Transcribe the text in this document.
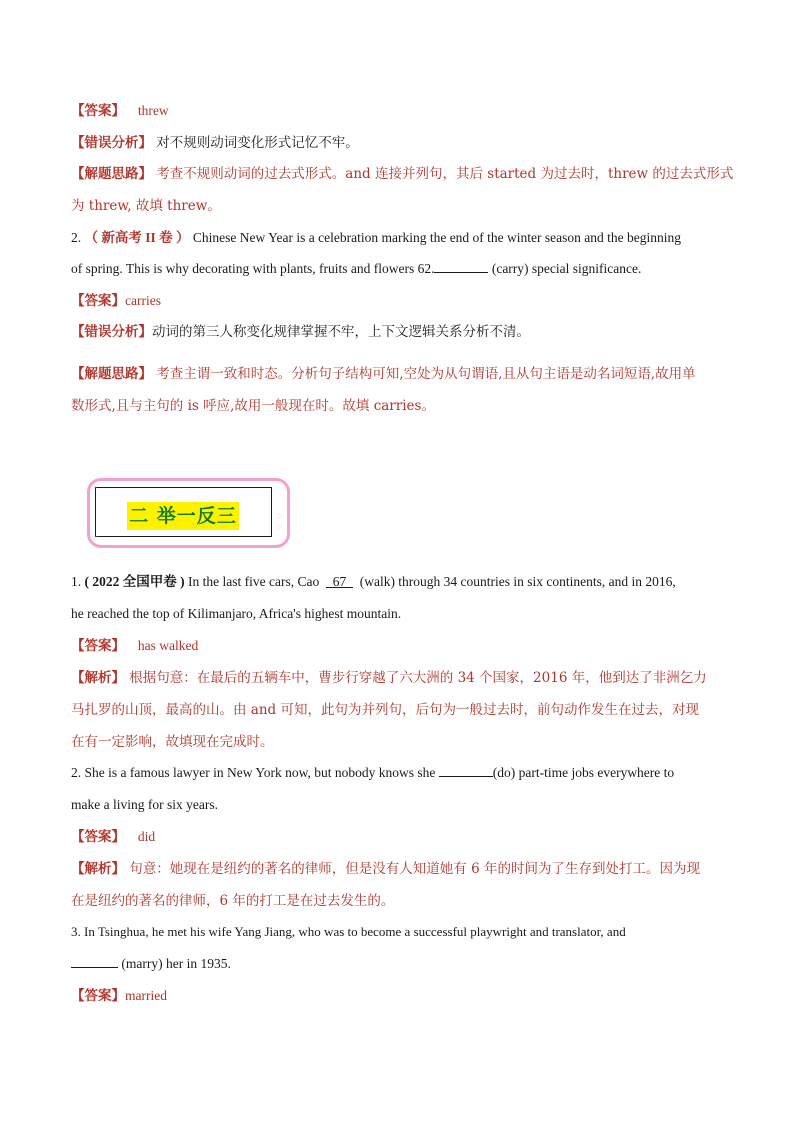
【答案】 threw
【错误分析】 对不规则动词变化形式记忆不牢。
【解题思路】 考查不规则动词的过去式形式。and 连接并列句，其后 started 为过去时，threw 的过去式形式
为 threw, 故填 threw。
2. （ 新高考 II 卷 ） Chinese New Year is a celebration marking the end of the winter season and the beginning
of spring. This is why decorating with plants, fruits and flowers 62.	(carry) special significance.
【答案】carries
【错误分析】动词的第三人称变化规律掌握不牢，上下文逻辑关系分析不清。
【解题思路】 考查主谓一致和时态。分析句子结构可知,空处为从句谓语,且从句主语是动名词短语,故用单
数形式,且与主句的 is 呼应,故用一般现在时。故填 carries。
二 举一反三
♡
♡
♡
♡
1. ( 2022 全国甲卷 ) In the last five cars, Cao 67 (walk) through 34 countries in six continents, and in 2016,
he reached the top of Kilimanjaro, Africa's highest mountain.
【答案】 has walked
【解析】 根据句意：在最后的五辆车中，曹步行穿越了六大洲的 34 个国家，2016 年，他到达了非洲乞力
马扎罗的山顶，最高的山。由 and 可知，此句为并列句，后句为一般过去时，前句动作发生在过去，对现
在有一定影响，故填现在完成时。
2. She is a famous lawyer in New York now, but nobody knows she	(do) part-time jobs everywhere to
make a living for six years.
【答案】 did
【解析】 句意：她现在是纽约的著名的律师，但是没有人知道她有 6 年的时间为了生存到处打工。因为现
在是纽约的著名的律师，6 年的打工是在过去发生的。
3. In Tsinghua, he met his wife Yang Jiang, who was to become a successful playwright and translator, and
(marry) her in 1935.
【答案】married
